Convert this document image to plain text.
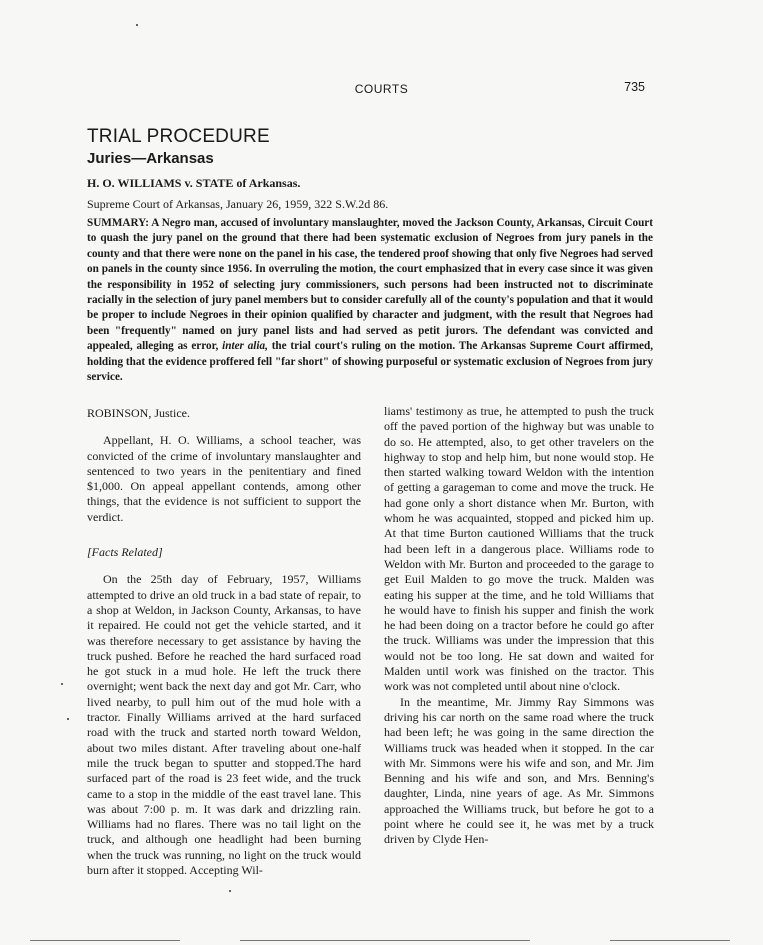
COURTS	735
TRIAL PROCEDURE
Juries—Arkansas
H. O. WILLIAMS v. STATE of Arkansas.
Supreme Court of Arkansas, January 26, 1959, 322 S.W.2d 86.
SUMMARY: A Negro man, accused of involuntary manslaughter, moved the Jackson County, Arkansas, Circuit Court to quash the jury panel on the ground that there had been systematic exclusion of Negroes from jury panels in the county and that there were none on the panel in his case, the tendered proof showing that only five Negroes had served on panels in the county since 1956. In overruling the motion, the court emphasized that in every case since it was given the responsibility in 1952 of selecting jury commissioners, such persons had been instructed not to discriminate racially in the selection of jury panel members but to consider carefully all of the county's population and that it would be proper to include Negroes in their opinion qualified by character and judgment, with the result that Negroes had been "frequently" named on jury panel lists and had served as petit jurors. The defendant was convicted and appealed, alleging as error, inter alia, the trial court's ruling on the motion. The Arkansas Supreme Court affirmed, holding that the evidence proffered fell "far short" of showing purposeful or systematic exclusion of Negroes from jury service.

ROBINSON, Justice.

Appellant, H. O. Williams, a school teacher, was convicted of the crime of involuntary manslaughter and sentenced to two years in the penitentiary and fined $1,000. On appeal appellant contends, among other things, that the evidence is not sufficient to support the verdict.

[Facts Related]

On the 25th day of February, 1957, Williams attempted to drive an old truck in a bad state of repair, to a shop at Weldon, in Jackson County, Arkansas, to have it repaired. He could not get the vehicle started, and it was therefore necessary to get assistance by having the truck pushed. Before he reached the hard surfaced road he got stuck in a mud hole. He left the truck there overnight; went back the next day and got Mr. Carr, who lived nearby, to pull him out of the mud hole with a tractor. Finally Williams arrived at the hard surfaced road with the truck and started north toward Weldon, about two miles distant. After traveling about one-half mile the truck began to sputter and stopped.The hard surfaced part of the road is 23 feet wide, and the truck came to a stop in the middle of the east travel lane. This was about 7:00 p. m. It was dark and drizzling rain. Williams had no flares. There was no tail light on the truck, and although one headlight had been burning when the truck was running, no light on the truck would burn after it stopped. Accepting Wil-

liams' testimony as true, he attempted to push the truck off the paved portion of the highway but was unable to do so. He attempted, also, to get other travelers on the highway to stop and help him, but none would stop. He then started walking toward Weldon with the intention of getting a garageman to come and move the truck. He had gone only a short distance when Mr. Burton, with whom he was acquainted, stopped and picked him up. At that time Burton cautioned Williams that the truck had been left in a dangerous place. Williams rode to Weldon with Mr. Burton and proceeded to the garage to get Euil Malden to go move the truck. Malden was eating his supper at the time, and he told Williams that he would have to finish his supper and finish the work he had been doing on a tractor before he could go after the truck. Williams was under the impression that this would not be too long. He sat down and waited for Malden until work was finished on the tractor. This work was not completed until about nine o'clock.

In the meantime, Mr. Jimmy Ray Simmons was driving his car north on the same road where the truck had been left; he was going in the same direction the Williams truck was headed when it stopped. In the car with Mr. Simmons were his wife and son, and Mr. Jim Benning and his wife and son, and Mrs. Benning's daughter, Linda, nine years of age. As Mr. Simmons approached the Williams truck, but before he got to a point where he could see it, he was met by a truck driven by Clyde Hen-
